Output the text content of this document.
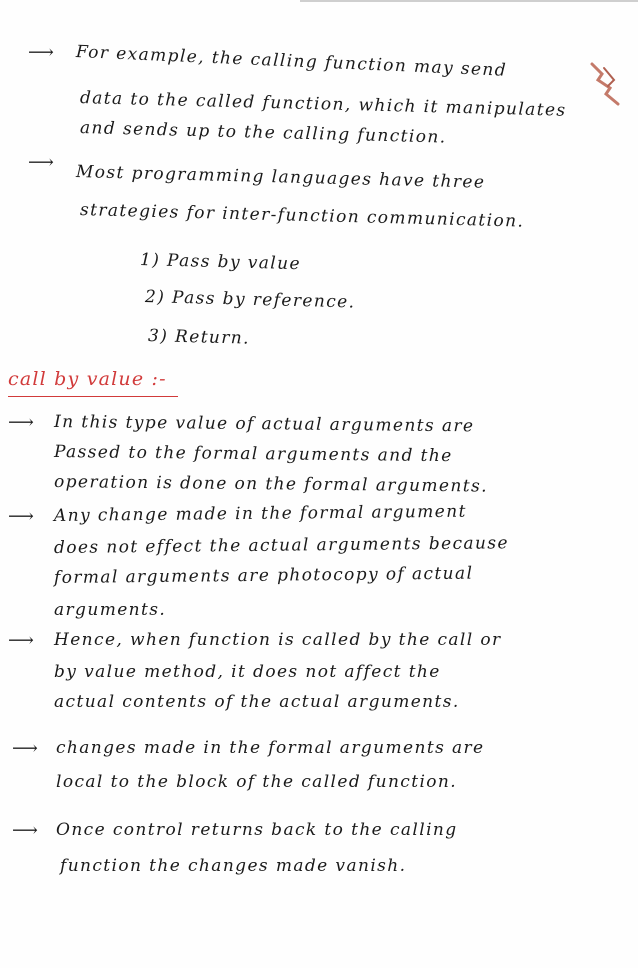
⟶ For example, the calling function may send
data to the called function, which it manipulates
and sends up to the calling function.
⟶ Most programming languages have three
strategies for inter-function communication.
1) Pass by value
2) Pass by reference.
3) Return.
call by value :-
⟶ In this type value of actual arguments are
Passed to the formal arguments and the
operation is done on the formal arguments.
⟶ Any change made in the formal argument
does not effect the actual arguments because
formal arguments are photocopy of actual
arguments.
⟶ Hence, when function is called by the call or
by value method, it does not affect the
actual contents of the actual arguments.
⟶ changes made in the formal arguments are
local to the block of the called function.
⟶ Once control returns back to the calling
function the changes made vanish.
